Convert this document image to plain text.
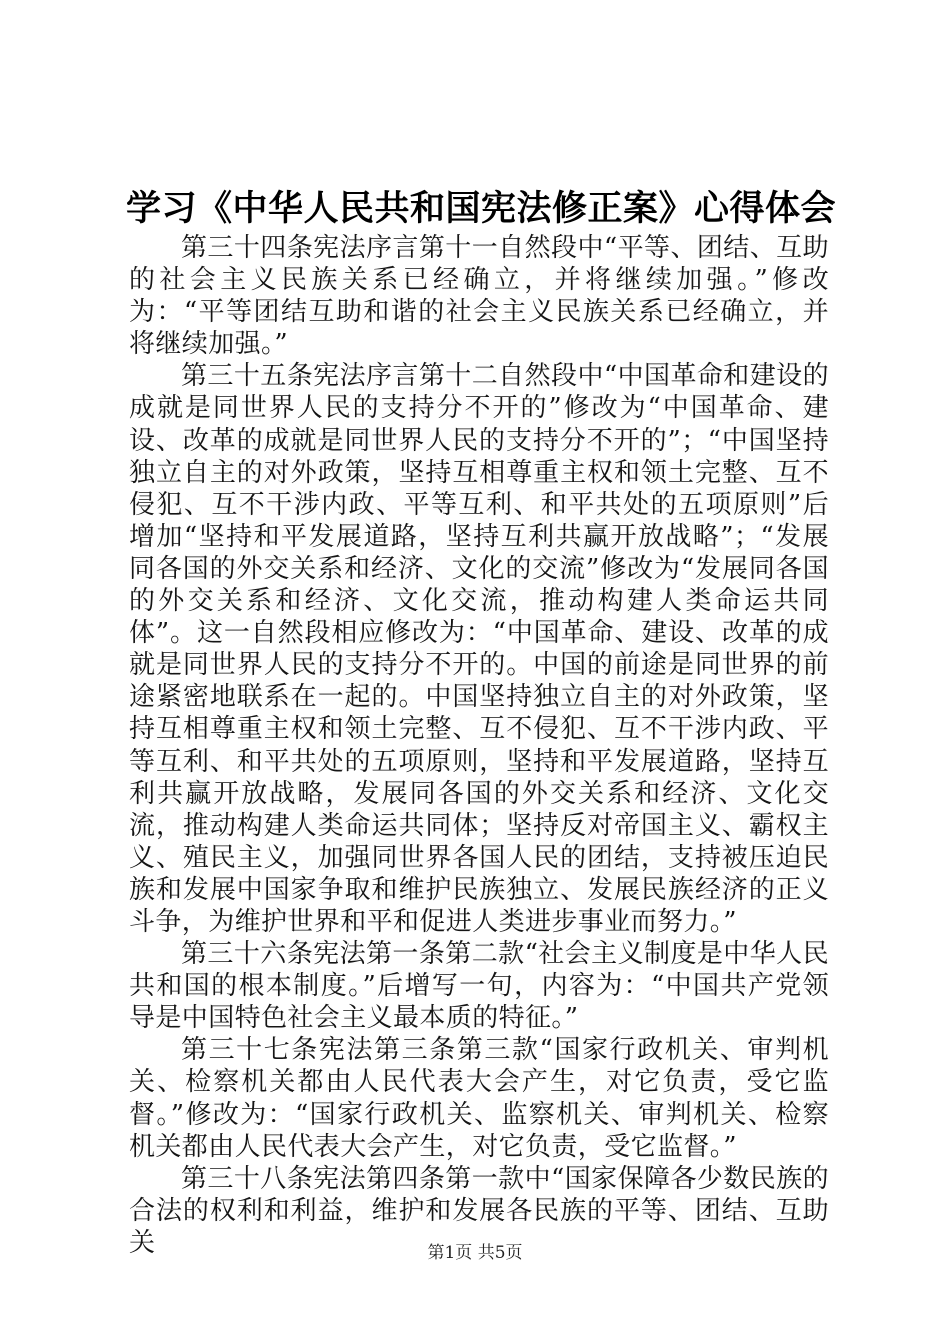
学习《中华人民共和国宪法修正案》心得体会

第三十四条宪法序言第十一自然段中“平等、团结、互助的社会主义民族关系已经确立，并将继续加强。”修改为：“平等团结互助和谐的社会主义民族关系已经确立，并将继续加强。”

第三十五条宪法序言第十二自然段中“中国革命和建设的成就是同世界人民的支持分不开的”修改为“中国革命、建设、改革的成就是同世界人民的支持分不开的”；“中国坚持独立自主的对外政策，坚持互相尊重主权和领土完整、互不侵犯、互不干涉内政、平等互利、和平共处的五项原则”后增加“坚持和平发展道路，坚持互利共赢开放战略”；“发展同各国的外交关系和经济、文化的交流”修改为“发展同各国的外交关系和经济、文化交流，推动构建人类命运共同体”。这一自然段相应修改为：“中国革命、建设、改革的成就是同世界人民的支持分不开的。中国的前途是同世界的前途紧密地联系在一起的。中国坚持独立自主的对外政策，坚持互相尊重主权和领土完整、互不侵犯、互不干涉内政、平等互利、和平共处的五项原则，坚持和平发展道路，坚持互利共赢开放战略，发展同各国的外交关系和经济、文化交流，推动构建人类命运共同体；坚持反对帝国主义、霸权主义、殖民主义，加强同世界各国人民的团结，支持被压迫民族和发展中国家争取和维护民族独立、发展民族经济的正义斗争，为维护世界和平和促进人类进步事业而努力。”

第三十六条宪法第一条第二款“社会主义制度是中华人民共和国的根本制度。”后增写一句，内容为：“中国共产党领导是中国特色社会主义最本质的特征。”

第三十七条宪法第三条第三款“国家行政机关、审判机关、检察机关都由人民代表大会产生，对它负责，受它监督。”修改为：“国家行政机关、监察机关、审判机关、检察机关都由人民代表大会产生，对它负责，受它监督。”

第三十八条宪法第四条第一款中“国家保障各少数民族的合法的权利和利益，维护和发展各民族的平等、团结、互助关	第1页 共5页
